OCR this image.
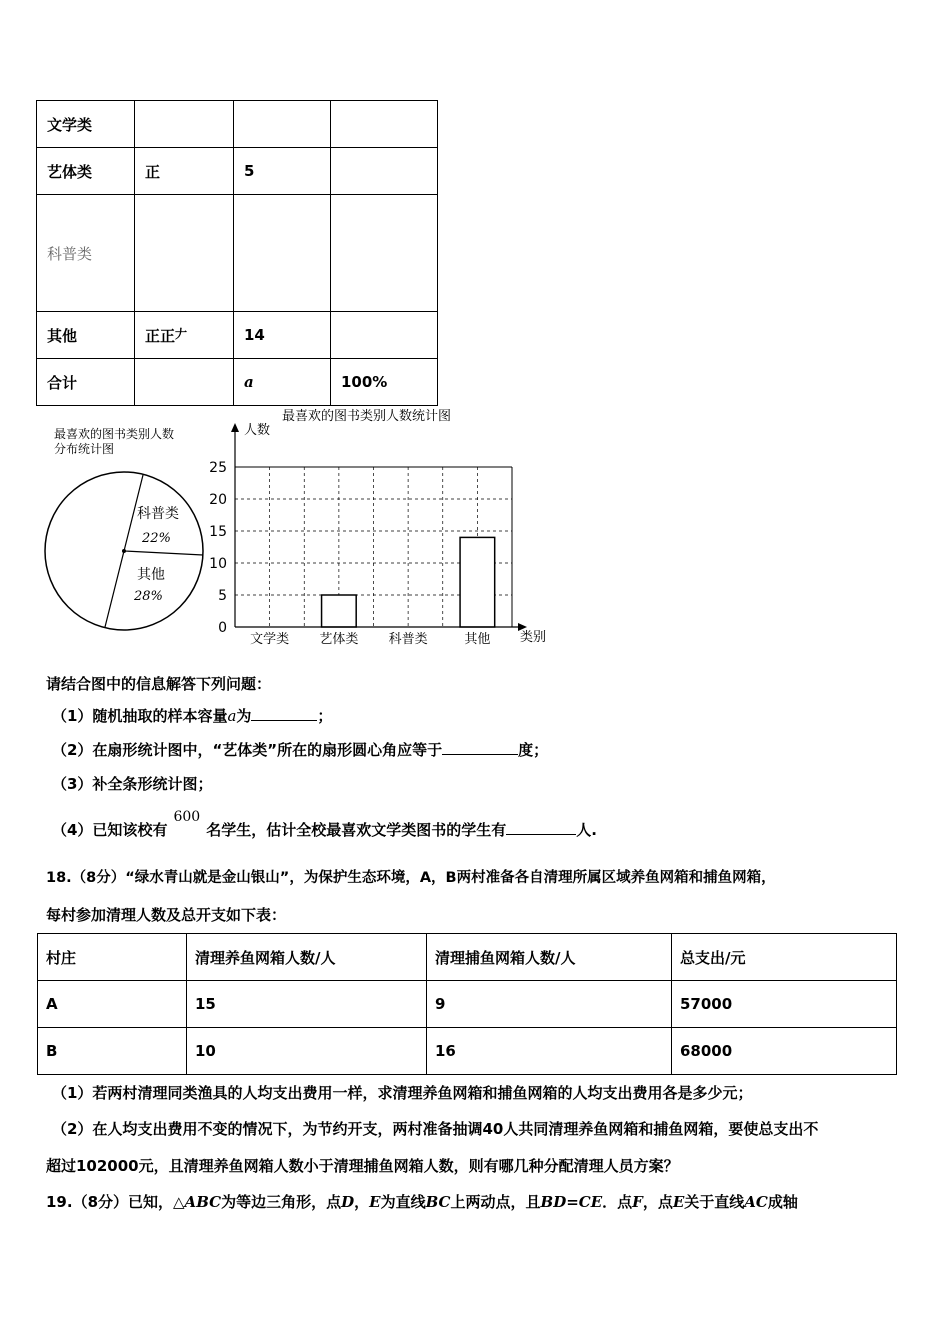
文学类			
艺体类	正	5	
科普类			
其他	正正$^𠂇$	14	
合计		a	100%
最喜欢的图书类别人数
分布统计图
科普类
22%
其他
28%
最喜欢的图书类别人数统计图
人数
类别
0
5
10
15
20
25
文学类 艺体类 科普类	其他
请结合图中的信息解答下列问题：
（1）随机抽取的样本容量a为	；
（2）在扇形统计图中，“艺体类”所在的扇形圆心角应等于	度；
（3）补全条形统计图；
（4）已知该校有600名学生，估计全校最喜欢文学类图书的学生有	人.
18.（8分）“绿水青山就是金山银山”，为保护生态环境，A，B两村准备各自清理所属区域养鱼网箱和捕鱼网箱，
每村参加清理人数及总开支如下表：
村庄	清理养鱼网箱人数/人	清理捕鱼网箱人数/人	总支出/元
A	15	9	57000
B	10	16	68000
（1）若两村清理同类渔具的人均支出费用一样，求清理养鱼网箱和捕鱼网箱的人均支出费用各是多少元；
（2）在人均支出费用不变的情况下，为节约开支，两村准备抽调40人共同清理养鱼网箱和捕鱼网箱，要使总支出不
超过102000元，且清理养鱼网箱人数小于清理捕鱼网箱人数，则有哪几种分配清理人员方案？
19.（8分）已知，△ABC为等边三角形，点D，E为直线BC上两动点，且BD=CE．点F，点E关于直线AC成轴
